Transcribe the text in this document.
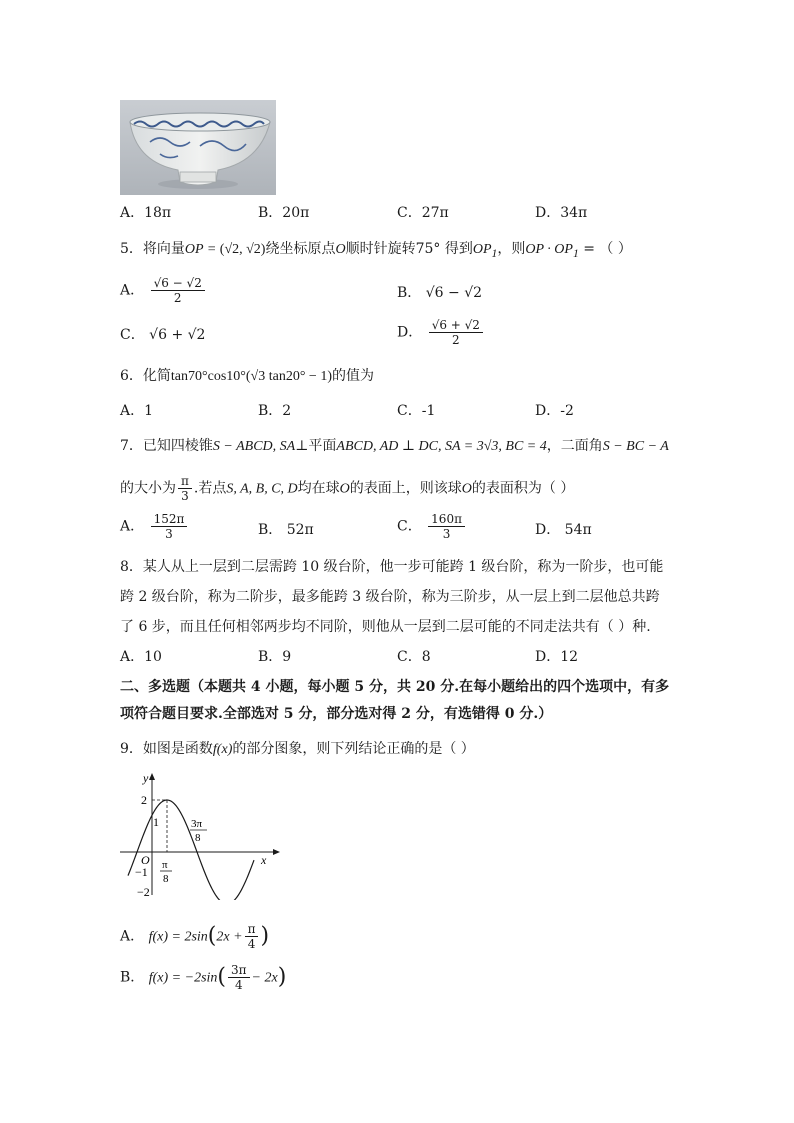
A．18π	B．20π	C．27π	D．34π
5．将向量OP = (√2, √2)绕坐标原点O顺时针旋转75° 得到$OP_1$，则OP · $OP_1$ = （ ）
A． $\frac{√6 - √2}{2}$	B． √6 − √2
C． √6 + √2	D． $\frac{√6 + √2}{2}$
6．化简tan70°cos10°(√3 tan20° − 1)的值为
A．1	B．2	C．-1	D．-2
7．已知四棱锥S − ABCD, SA⊥平面ABCD, AD ⊥ DC, SA = 3√3, BC = 4，二面角S − BC − A
的大小为 $\frac{\pi}{3}$ .若点S, A, B, C, D均在球O的表面上，则该球O的表面积为（ ）
A． $\frac{152\pi}{3}$	B． 52π	C． $\frac{160\pi}{3}$	D． 54π
8．某人从上一层到二层需跨 10 级台阶，他一步可能跨 1 级台阶，称为一阶步，也可能
跨 2 级台阶，称为二阶步，最多能跨 3 级台阶，称为三阶步，从一层上到二层他总共跨
了 6 步，而且任何相邻两步均不同阶，则他从一层到二层可能的不同走法共有（ ）种.
A．10	B．9	C．8	D．12
二、多选题（本题共 4 小题，每小题 5 分，共 20 分.在每小题给出的四个选项中，有多
项符合题目要求.全部选对 5 分，部分选对得 2 分，有选错得 0 分.）
9．如图是函数f(x)的部分图象，则下列结论正确的是（ ）
y
x
O
2
1
−1
−2
π
8
3π
8
A． $f(x) = 2\sin(2x + \frac{\pi}{4}$ )
B． $f(x) = -2\sin( \frac{3\pi}{4} - 2x)$
